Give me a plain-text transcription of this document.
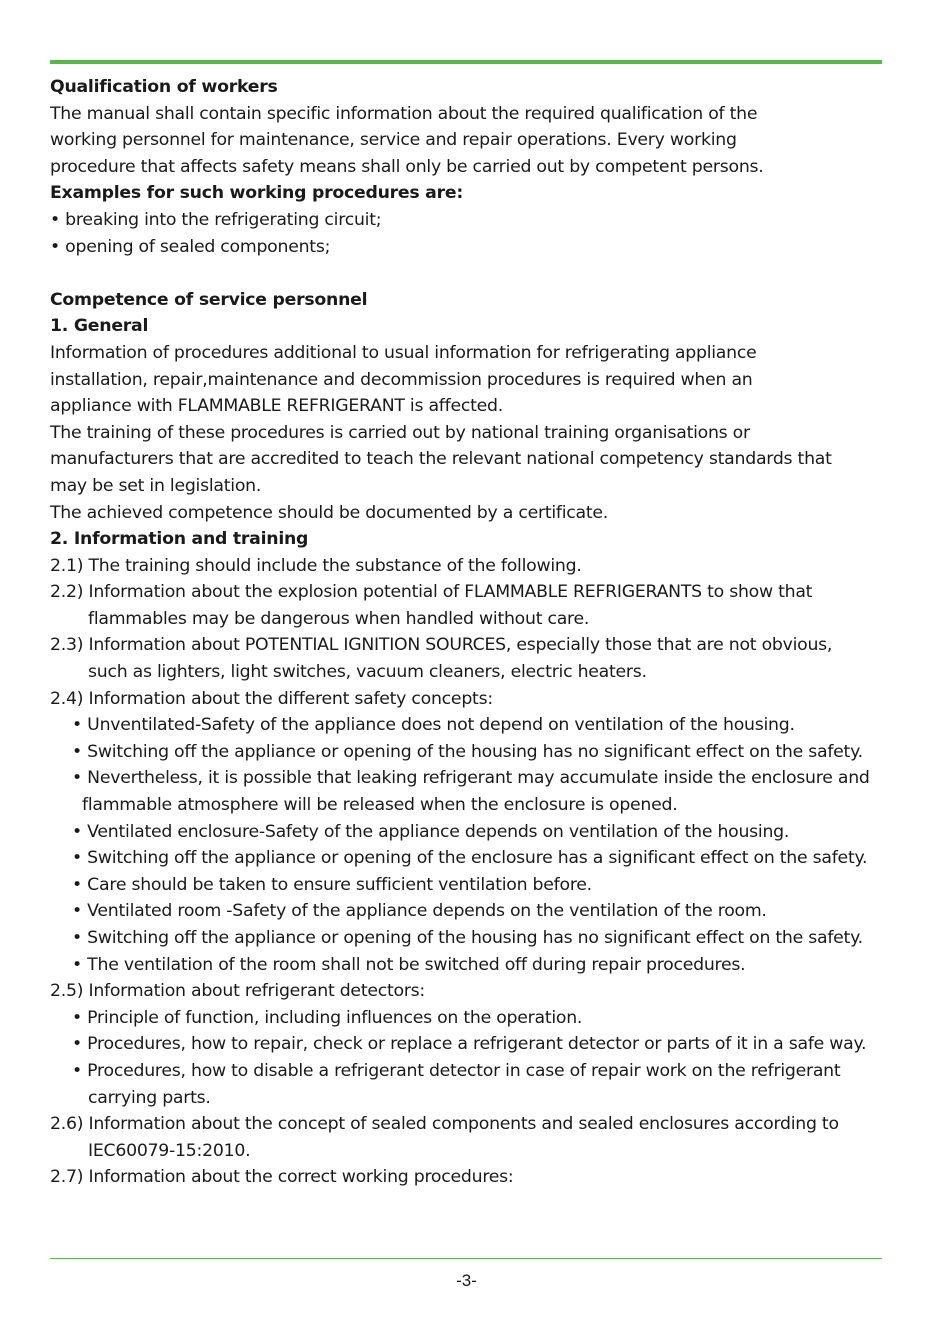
Qualification of workers
The manual shall contain specific information about the required qualification of the
working personnel for maintenance, service and repair operations. Every working
procedure that affects safety means shall only be carried out by competent persons.
Examples for such working procedures are:
• breaking into the refrigerating circuit;
• opening of sealed components;
Competence of service personnel
1. General
Information of procedures additional to usual information for refrigerating appliance
installation, repair,maintenance and decommission procedures is required when an
appliance with FLAMMABLE REFRIGERANT is affected.
The training of these procedures is carried out by national training organisations or
manufacturers that are accredited to teach the relevant national competency standards that
may be set in legislation.
The achieved competence should be documented by a certificate.
2. Information and training
2.1) The training should include the substance of the following.
2.2) Information about the explosion potential of FLAMMABLE REFRIGERANTS to show that
flammables may be dangerous when handled without care.
2.3) Information about POTENTIAL IGNITION SOURCES, especially those that are not obvious,
such as lighters, light switches, vacuum cleaners, electric heaters.
2.4) Information about the different safety concepts:
• Unventilated-Safety of the appliance does not depend on ventilation of the housing.
• Switching off the appliance or opening of the housing has no significant effect on the safety.
• Nevertheless, it is possible that leaking refrigerant may accumulate inside the enclosure and
flammable atmosphere will be released when the enclosure is opened.
• Ventilated enclosure-Safety of the appliance depends on ventilation of the housing.
• Switching off the appliance or opening of the enclosure has a significant effect on the safety.
• Care should be taken to ensure sufficient ventilation before.
• Ventilated room -Safety of the appliance depends on the ventilation of the room.
• Switching off the appliance or opening of the housing has no significant effect on the safety.
• The ventilation of the room shall not be switched off during repair procedures.
2.5) Information about refrigerant detectors:
• Principle of function, including influences on the operation.
• Procedures, how to repair, check or replace a refrigerant detector or parts of it in a safe way.
• Procedures, how to disable a refrigerant detector in case of repair work on the refrigerant
carrying parts.
2.6) Information about the concept of sealed components and sealed enclosures according to
IEC60079-15:2010.
2.7) Information about the correct working procedures:
-3-
